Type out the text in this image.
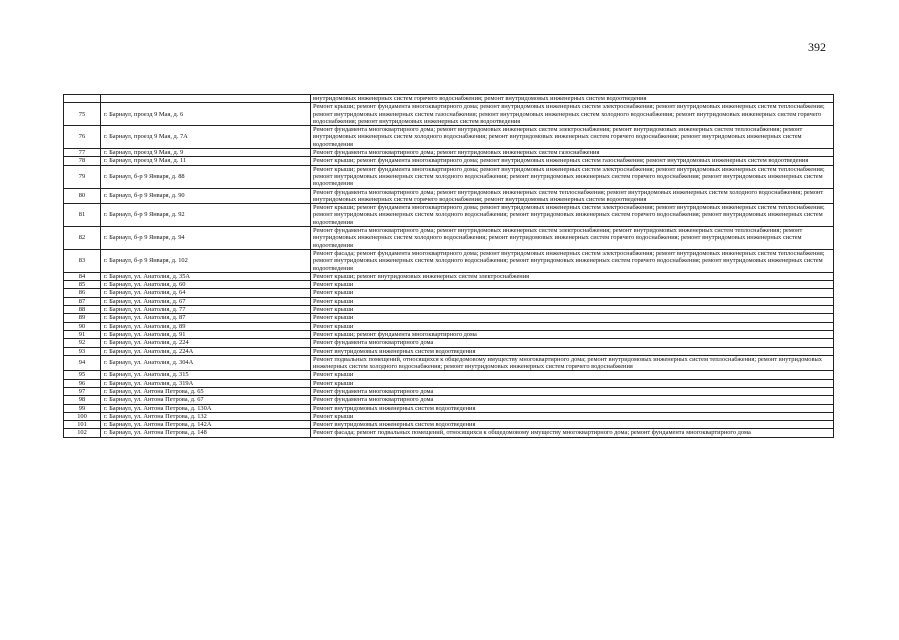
392
		внутридомовых инженерных систем горячего водоснабжения; ремонт внутридомовых инженерных систем водоотведения
75	г. Барнаул, проезд 9 Мая, д. 6	Ремонт крыши; ремонт фундамента многоквартирного дома; ремонт внутридомовых инженерных систем электроснабжения; ремонт внутридомовых инженерных систем теплоснабжения; ремонт внутридомовых инженерных систем газоснабжения; ремонт внутридомовых инженерных систем холодного водоснабжения; ремонт внутридомовых инженерных систем горячего водоснабжения; ремонт внутридомовых инженерных систем водоотведения
76	г. Барнаул, проезд 9 Мая, д. 7А	Ремонт фундамента многоквартирного дома; ремонт внутридомовых инженерных систем электроснабжения; ремонт внутридомовых инженерных систем теплоснабжения; ремонт внутридомовых инженерных систем холодного водоснабжения; ремонт внутридомовых инженерных систем горячего водоснабжения; ремонт внутридомовых инженерных систем водоотведения
77	г. Барнаул, проезд 9 Мая, д. 9	Ремонт фундамента многоквартирного дома; ремонт внутридомовых инженерных систем газоснабжения
78	г. Барнаул, проезд 9 Мая, д. 11	Ремонт крыши; ремонт фундамента многоквартирного дома; ремонт внутридомовых инженерных систем газоснабжения; ремонт внутридомовых инженерных систем водоотведения
79	г. Барнаул, б-р 9 Января, д. 88	Ремонт крыши; ремонт фундамента многоквартирного дома; ремонт внутридомовых инженерных систем электроснабжения; ремонт внутридомовых инженерных систем теплоснабжения; ремонт внутридомовых инженерных систем холодного водоснабжения; ремонт внутридомовых инженерных систем горячего водоснабжения; ремонт внутридомовых инженерных систем водоотведения
80	г. Барнаул, б-р 9 Января, д. 90	Ремонт фундамента многоквартирного дома; ремонт внутридомовых инженерных систем теплоснабжения; ремонт внутридомовых инженерных систем холодного водоснабжения; ремонт внутридомовых инженерных систем горячего водоснабжения; ремонт внутридомовых инженерных систем водоотведения
81	г. Барнаул, б-р 9 Января, д. 92	Ремонт крыши; ремонт фундамента многоквартирного дома; ремонт внутридомовых инженерных систем электроснабжения; ремонт внутридомовых инженерных систем теплоснабжения; ремонт внутридомовых инженерных систем холодного водоснабжения; ремонт внутридомовых инженерных систем горячего водоснабжения; ремонт внутридомовых инженерных систем водоотведения
82	г. Барнаул, б-р 9 Января, д. 94	Ремонт фундамента многоквартирного дома; ремонт внутридомовых инженерных систем электроснабжения; ремонт внутридомовых инженерных систем теплоснабжения; ремонт внутридомовых инженерных систем холодного водоснабжения; ремонт внутридомовых инженерных систем горячего водоснабжения; ремонт внутридомовых инженерных систем водоотведения
83	г. Барнаул, б-р 9 Января, д. 102	Ремонт фасада; ремонт фундамента многоквартирного дома; ремонт внутридомовых инженерных систем электроснабжения; ремонт внутридомовых инженерных систем теплоснабжения; ремонт внутридомовых инженерных систем холодного водоснабжения; ремонт внутридомовых инженерных систем горячего водоснабжения; ремонт внутридомовых инженерных систем водоотведения
84	г. Барнаул, ул. Анатолия, д. 35А	Ремонт крыши; ремонт внутридомовых инженерных систем электроснабжения
85	г. Барнаул, ул. Анатолия, д. 60	Ремонт крыши
86	г. Барнаул, ул. Анатолия, д. 64	Ремонт крыши
87	г. Барнаул, ул. Анатолия, д. 67	Ремонт крыши
88	г. Барнаул, ул. Анатолия, д. 77	Ремонт крыши
89	г. Барнаул, ул. Анатолия, д. 87	Ремонт крыши
90	г. Барнаул, ул. Анатолия, д. 89	Ремонт крыши
91	г. Барнаул, ул. Анатолия, д. 91	Ремонт крыши; ремонт фундамента многоквартирного дома
92	г. Барнаул, ул. Анатолия, д. 224	Ремонт фундамента многоквартирного дома
93	г. Барнаул, ул. Анатолия, д. 224А	Ремонт внутридомовых инженерных систем водоотведения
94	г. Барнаул, ул. Анатолия, д. 304А	Ремонт подвальных помещений, относящихся к общедомовому имуществу многоквартирного дома; ремонт внутридомовых инженерных систем теплоснабжения; ремонт внутридомовых инженерных систем холодного водоснабжения; ремонт внутридомовых инженерных систем горячего водоснабжения
95	г. Барнаул, ул. Анатолия, д. 315	Ремонт крыши
96	г. Барнаул, ул. Анатолия, д. 319А	Ремонт крыши
97	г. Барнаул, ул. Антона Петрова, д. 65	Ремонт фундамента многоквартирного дома
98	г. Барнаул, ул. Антона Петрова, д. 67	Ремонт фундамента многоквартирного дома
99	г. Барнаул, ул. Антона Петрова, д. 130А	Ремонт внутридомовых инженерных систем водоотведения
100	г. Барнаул, ул. Антона Петрова, д. 132	Ремонт крыши
101	г. Барнаул, ул. Антона Петрова, д. 142А	Ремонт внутридомовых инженерных систем водоотведения
102	г. Барнаул, ул. Антона Петрова, д. 148	Ремонт фасада; ремонт подвальных помещений, относящихся к общедомовому имуществу многоквартирного дома; ремонт фундамента многоквартирного дома
